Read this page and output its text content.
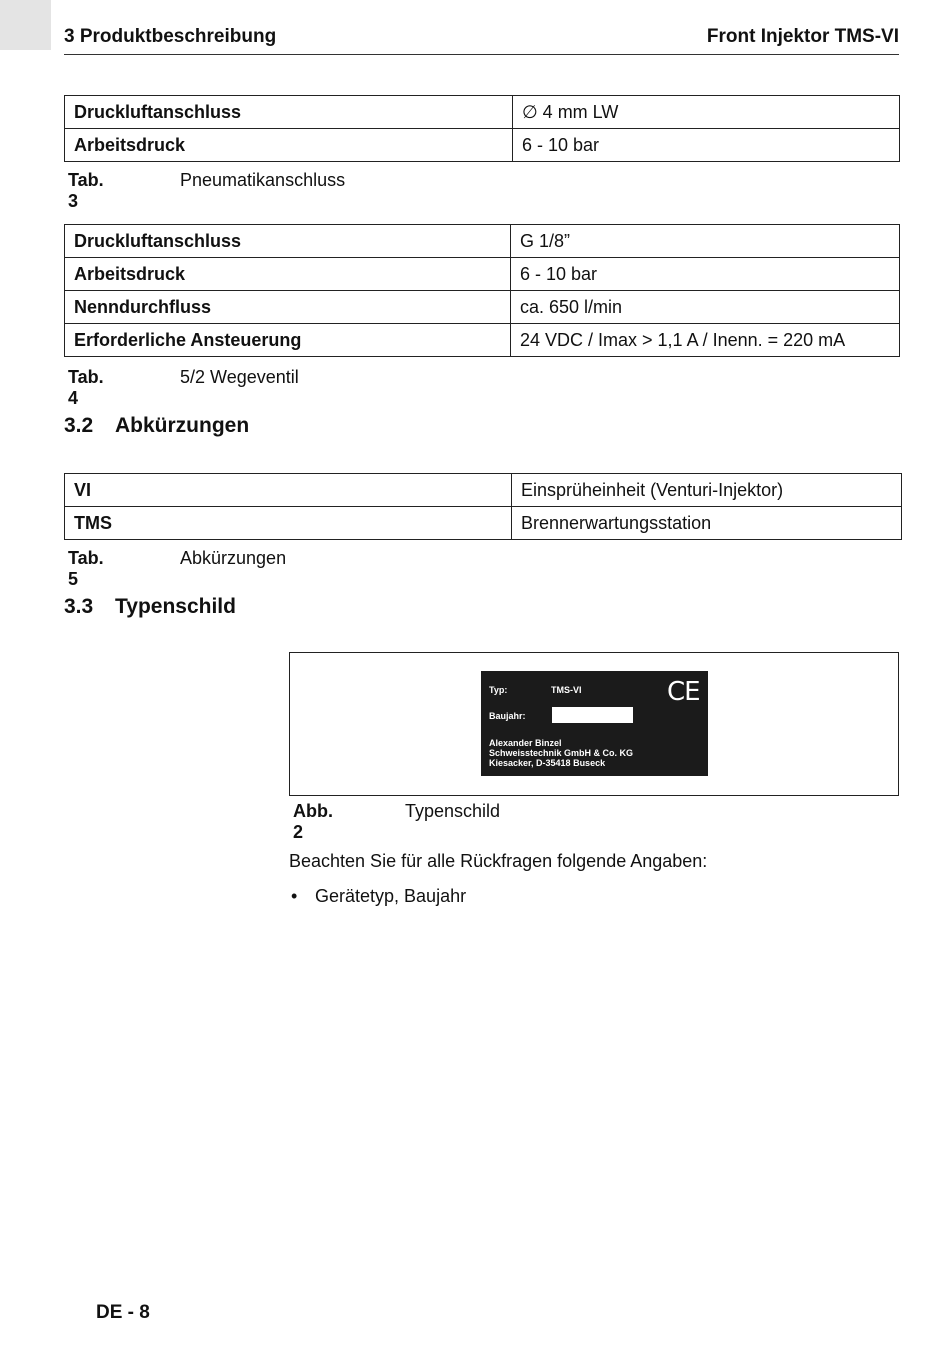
3 Produktbeschreibung	Front Injektor TMS-VI
Druckluftanschluss	∅ 4 mm LW
Arbeitsdruck	6 - 10 bar
Tab. 3
Pneumatikanschluss
Druckluftanschluss	G 1/8”
Arbeitsdruck	6 - 10 bar
Nenndurchfluss	ca. 650 l/min
Erforderliche Ansteuerung	24 VDC / Imax > 1,1 A / Inenn. = 220 mA
Tab. 4
5/2 Wegeventil
3.2 Abkürzungen
VI	Einsprüheinheit (Venturi-Injektor)
TMS	Brennerwartungsstation
Tab. 5
Abkürzungen
3.3 Typenschild
Typ:	TMS-VI
Baujahr:
CE
Alexander Binzel
Schweisstechnik GmbH & Co. KG
Kiesacker, D-35418 Buseck
Abb. 2
Typenschild
Beachten Sie für alle Rückfragen folgende Angaben:
• Gerätetyp, Baujahr
DE - 8
